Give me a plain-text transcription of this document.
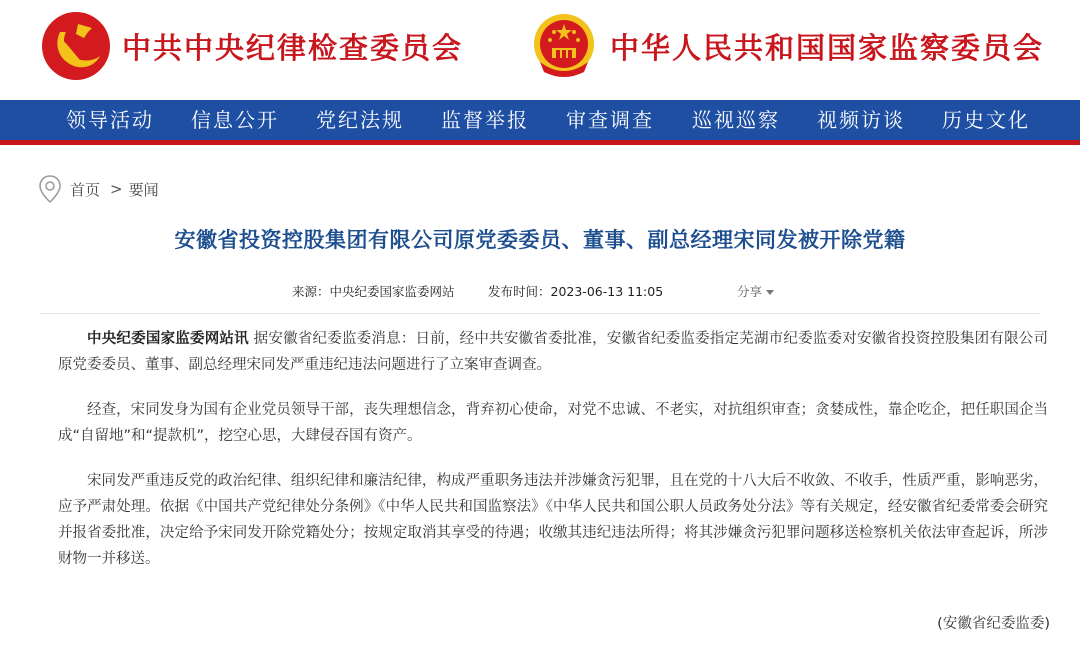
中共中央纪律检查委员会	中华人民共和国国家监察委员会
领导活动 信息公开 党纪法规 监督举报 审查调查 巡视巡察 视频访谈 历史文化
首页 > 要闻
安徽省投资控股集团有限公司原党委委员、董事、副总经理宋同发被开除党籍
来源：中央纪委国家监委网站	发布时间：2023-06-13 11:05	分享

中央纪委国家监委网站讯 据安徽省纪委监委消息：日前，经中共安徽省委批准，安徽省纪委监委指定芜湖市纪委监委对安徽省投资控股集团有限公司原党委委员、董事、副总经理宋同发严重违纪违法问题进行了立案审查调查。

经查，宋同发身为国有企业党员领导干部，丧失理想信念，背弃初心使命，对党不忠诚、不老实，对抗组织审查；贪婪成性，靠企吃企，把任职国企当成“自留地”和“提款机”，挖空心思，大肆侵吞国有资产。

宋同发严重违反党的政治纪律、组织纪律和廉洁纪律，构成严重职务违法并涉嫌贪污犯罪，且在党的十八大后不收敛、不收手，性质严重，影响恶劣，应予严肃处理。依据《中国共产党纪律处分条例》《中华人民共和国监察法》《中华人民共和国公职人员政务处分法》等有关规定，经安徽省纪委常委会研究并报省委批准，决定给予宋同发开除党籍处分；按规定取消其享受的待遇；收缴其违纪违法所得；将其涉嫌贪污犯罪问题移送检察机关依法审查起诉，所涉财物一并移送。

(安徽省纪委监委)
